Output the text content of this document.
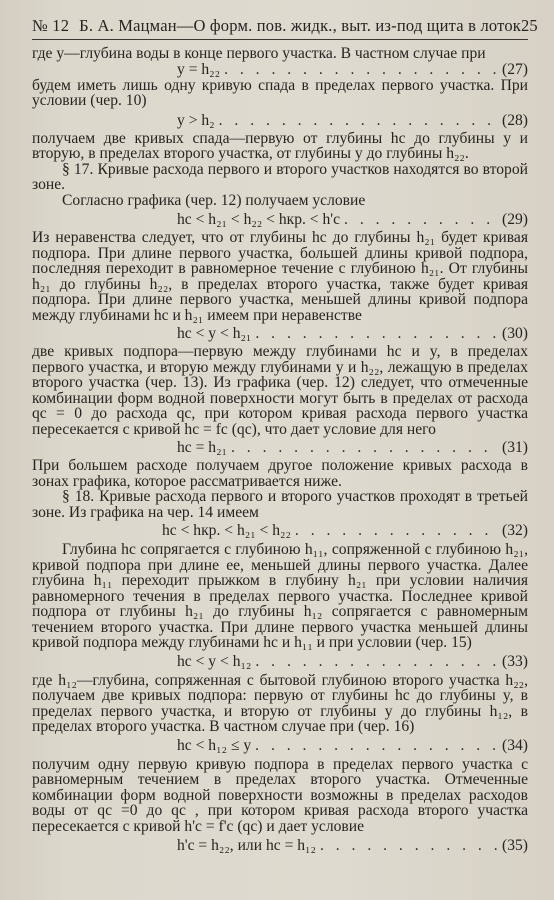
№ 12 Б. А. Мацман—О форм. пов. жидк., выт. из-под щита в лоток 25

где y—глубина воды в конце первого участка. В частном случае при

y = h₂₂ . . .	(27)

будем иметь лишь одну кривую спада в пределах первого участка. При условии (чер. 10)

y > h₂ . . .	(28)

получаем две кривых спада—первую от глубины hc до глубины y и вторую, в пределах второго участка, от глубины y до глубины h₂₂.

§ 17. Кривые расхода первого и второго участков находятся во второй зоне.

Согласно графика (чер. 12) получаем условие

hc < h₂₁ < h₂₂ < hкр. < h'c . . .	(29)

Из неравенства следует, что от глубины hc до глубины h₂₁ будет кривая подпора. При длине первого участка, большей длины кривой подпора, последняя переходит в равномерное течение с глубиною h₂₁. От глубины h₂₁ до глубины h₂₂, в пределах второго участка, также будет кривая подпора. При длине первого участка, меньшей длины кривой подпора между глубинами hc и h₂₁ имеем при неравенстве

hc < y < h₂₁ . . .	(30)

две кривых подпора—первую между глубинами hc и y, в пределах первого участка, и вторую между глубинами y и h₂₂, лежащую в пределах второго участка (чер. 13). Из графика (чер. 12) следует, что отмеченные комбинации форм водной поверхности могут быть в пределах от расхода qc = 0 до расхода qc, при котором кривая расхода первого участка пересекается с кривой hc = fc (qc), что дает условие для него

hc = h₂₁ . . .	(31)

При большем расходе получаем другое положение кривых расхода в зонах графика, которое рассматривается ниже.

§ 18. Кривые расхода первого и второго участков проходят в третьей зоне. Из графика на чер. 14 имеем

hc < hкр. < h₂₁ < h₂₂ . . .	(32)

Глубина hc сопрягается с глубиною h₁₁, сопряженной с глубиною h₂₁, кривой подпора при длине ее, меньшей длины первого участка. Далее глубина h₁₁ переходит прыжком в глубину h₂₁ при условии наличия равномерного течения в пределах первого участка. Последнее кривой подпора от глубины h₂₁ до глубины h₁₂ сопрягается с равномерным течением второго участка. При длине первого участка меньшей длины кривой подпора между глубинами hc и h₁₁ и при условии (чер. 15)

hc < y < h₁₂ . . .	(33)

где h₁₂—глубина, сопряженная с бытовой глубиною второго участка h₂₂, получаем две кривых подпора: первую от глубины hc до глубины y, в пределах первого участка, и вторую от глубины y до глубины h₁₂, в пределах второго участка. В частном случае при (чер. 16)

hc < h₁₂ ≤ y . . .	(34)

получим одну первую кривую подпора в пределах первого участка с равномерным течением в пределах второго участка. Отмеченные комбинации форм водной поверхности возможны в пределах расходов воды от qc =0 до qc , при котором кривая расхода второго участка пересекается с кривой h'c = f'c (qc) и дает условие

h'c = h₂₂, или hc = h₁₂ . . .	(35)
